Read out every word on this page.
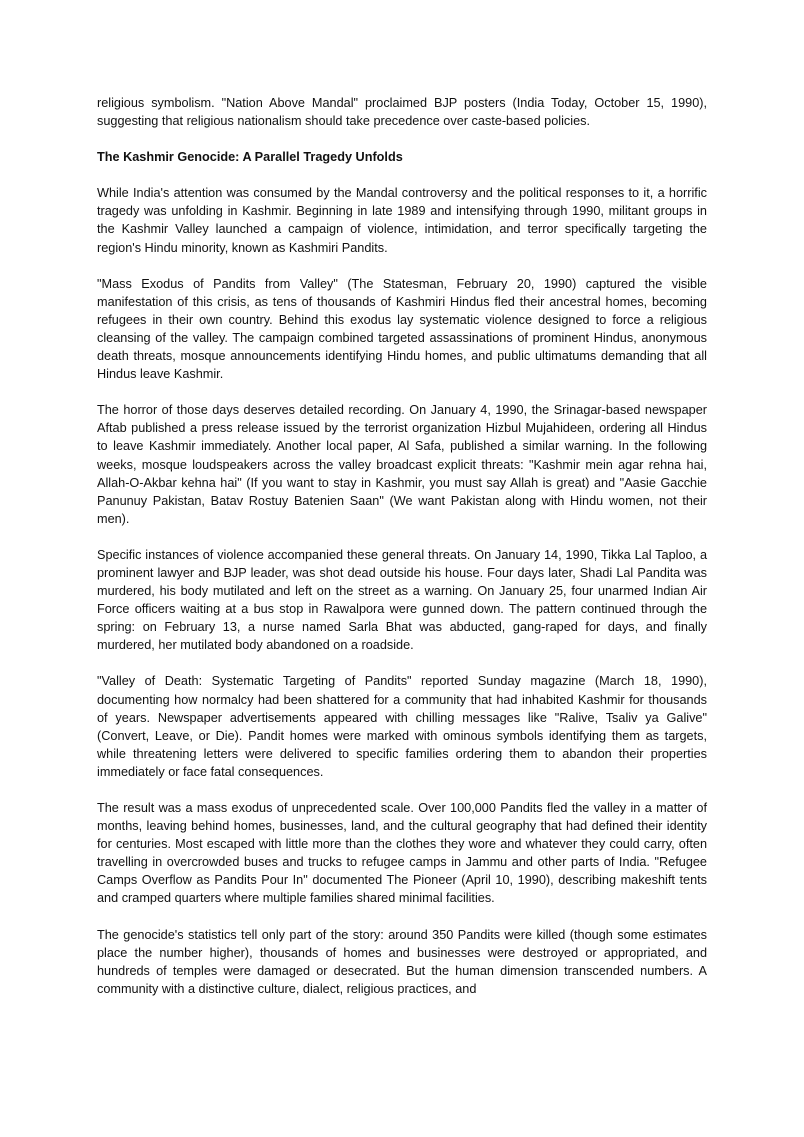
religious symbolism. "Nation Above Mandal" proclaimed BJP posters (India Today, October 15, 1990), suggesting that religious nationalism should take precedence over caste-based policies.

The Kashmir Genocide: A Parallel Tragedy Unfolds

While India's attention was consumed by the Mandal controversy and the political responses to it, a horrific tragedy was unfolding in Kashmir. Beginning in late 1989 and intensifying through 1990, militant groups in the Kashmir Valley launched a campaign of violence, intimidation, and terror specifically targeting the region's Hindu minority, known as Kashmiri Pandits.

"Mass Exodus of Pandits from Valley" (The Statesman, February 20, 1990) captured the visible manifestation of this crisis, as tens of thousands of Kashmiri Hindus fled their ancestral homes, becoming refugees in their own country. Behind this exodus lay systematic violence designed to force a religious cleansing of the valley. The campaign combined targeted assassinations of prominent Hindus, anonymous death threats, mosque announcements identifying Hindu homes, and public ultimatums demanding that all Hindus leave Kashmir.

The horror of those days deserves detailed recording. On January 4, 1990, the Srinagar-based newspaper Aftab published a press release issued by the terrorist organization Hizbul Mujahideen, ordering all Hindus to leave Kashmir immediately. Another local paper, Al Safa, published a similar warning. In the following weeks, mosque loudspeakers across the valley broadcast explicit threats: "Kashmir mein agar rehna hai, Allah-O-Akbar kehna hai" (If you want to stay in Kashmir, you must say Allah is great) and "Aasie Gacchie Panunuy Pakistan, Batav Rostuy Batenien Saan" (We want Pakistan along with Hindu women, not their men).

Specific instances of violence accompanied these general threats. On January 14, 1990, Tikka Lal Taploo, a prominent lawyer and BJP leader, was shot dead outside his house. Four days later, Shadi Lal Pandita was murdered, his body mutilated and left on the street as a warning. On January 25, four unarmed Indian Air Force officers waiting at a bus stop in Rawalpora were gunned down. The pattern continued through the spring: on February 13, a nurse named Sarla Bhat was abducted, gang-raped for days, and finally murdered, her mutilated body abandoned on a roadside.

"Valley of Death: Systematic Targeting of Pandits" reported Sunday magazine (March 18, 1990), documenting how normalcy had been shattered for a community that had inhabited Kashmir for thousands of years. Newspaper advertisements appeared with chilling messages like "Ralive, Tsaliv ya Galive" (Convert, Leave, or Die). Pandit homes were marked with ominous symbols identifying them as targets, while threatening letters were delivered to specific families ordering them to abandon their properties immediately or face fatal consequences.

The result was a mass exodus of unprecedented scale. Over 100,000 Pandits fled the valley in a matter of months, leaving behind homes, businesses, land, and the cultural geography that had defined their identity for centuries. Most escaped with little more than the clothes they wore and whatever they could carry, often travelling in overcrowded buses and trucks to refugee camps in Jammu and other parts of India. "Refugee Camps Overflow as Pandits Pour In" documented The Pioneer (April 10, 1990), describing makeshift tents and cramped quarters where multiple families shared minimal facilities.

The genocide's statistics tell only part of the story: around 350 Pandits were killed (though some estimates place the number higher), thousands of homes and businesses were destroyed or appropriated, and hundreds of temples were damaged or desecrated. But the human dimension transcended numbers. A community with a distinctive culture, dialect, religious practices, and
